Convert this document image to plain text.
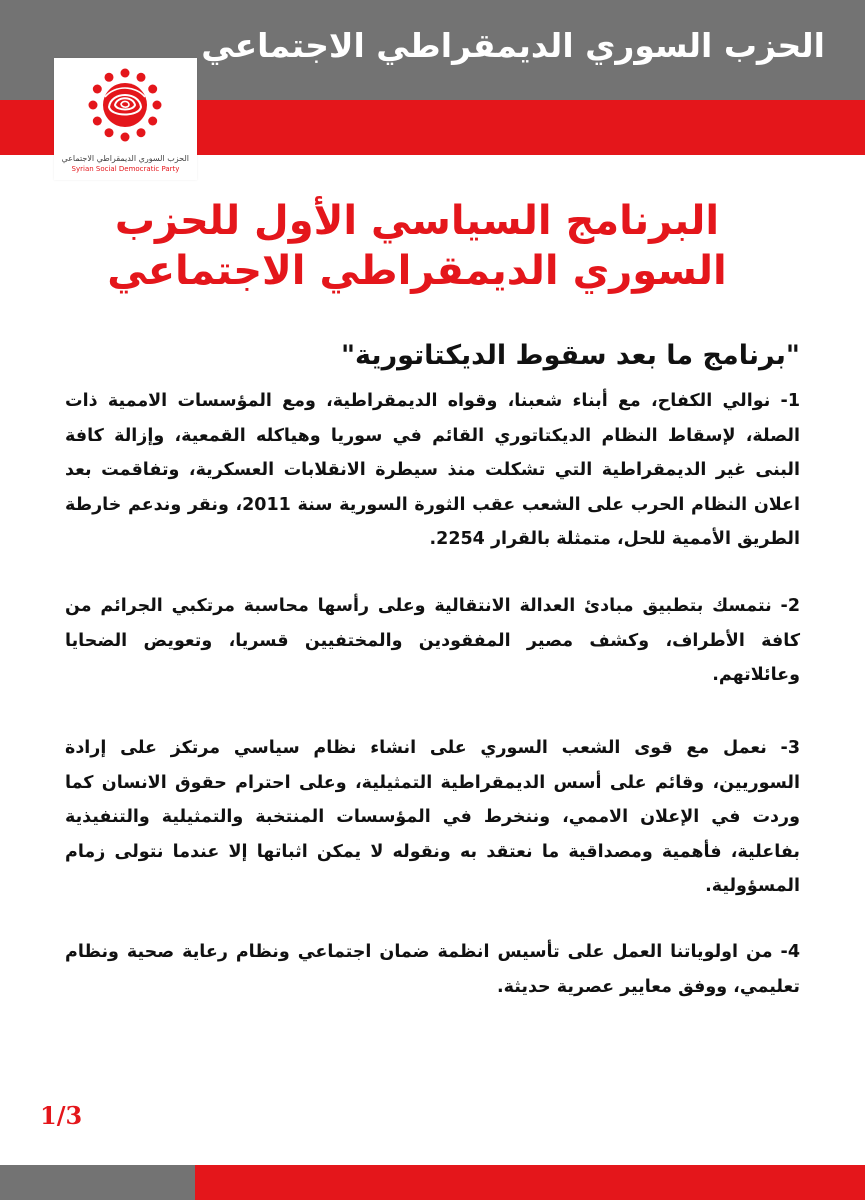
الحزب السوري الديمقراطي الاجتماعي
الحزب السوري الديمقراطي الاجتماعي
Syrian Social Democratic Party
البرنامج السياسي الأول للحزب السوري الديمقراطي الاجتماعي
"برنامج ما بعد سقوط الديكتاتورية"

1- نوالي الكفاح، مع أبناء شعبنا، وقواه الديمقراطية، ومع المؤسسات الاممية ذات الصلة، لإسقاط النظام الديكتاتوري القائم في سوريا وهياكله القمعية، وإزالة كافة البنى غير الديمقراطية التي تشكلت منذ سيطرة الانقلابات العسكرية، وتفاقمت بعد اعلان النظام الحرب على الشعب عقب الثورة السورية سنة 2011، ونقر وندعم خارطة الطريق الأممية للحل، متمثلة بالقرار 2254.

2- نتمسك بتطبيق مبادئ العدالة الانتقالية وعلى رأسها محاسبة مرتكبي الجرائم من كافة الأطراف، وكشف مصير المفقودين والمختفيين قسريا، وتعويض الضحايا وعائلاتهم.

3- نعمل مع قوى الشعب السوري على انشاء نظام سياسي مرتكز على إرادة السوريين، وقائم على أسس الديمقراطية التمثيلية، وعلى احترام حقوق الانسان كما وردت في الإعلان الاممي، وننخرط في المؤسسات المنتخبة والتمثيلية والتنفيذية بفاعلية، فأهمية ومصداقية ما نعتقد به ونقوله لا يمكن اثباتها إلا عندما نتولى زمام المسؤولية.

4- من اولوياتنا العمل على تأسيس انظمة ضمان اجتماعي ونظام رعاية صحية ونظام تعليمي، ووفق معايير عصرية حديثة.

1/3
